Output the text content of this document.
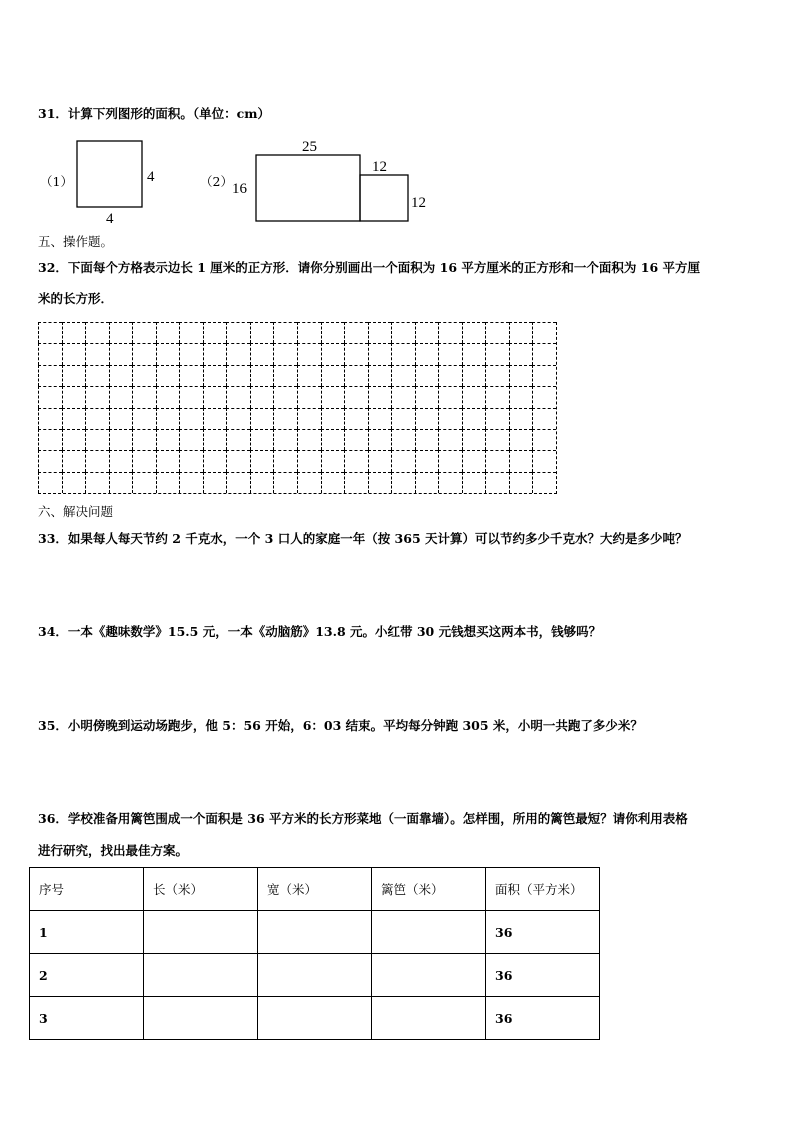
31．计算下列图形的面积。（单位：cm）
（1）	（2）
4
4
25
16
12
12
五、操作题。
32．下面每个方格表示边长 1 厘米的正方形．请你分别画出一个面积为 16 平方厘米的正方形和一个面积为 16 平方厘
米的长方形．
六、解决问题
33．如果每人每天节约 2 千克水，一个 3 口人的家庭一年（按 365 天计算）可以节约多少千克水？大约是多少吨？
34．一本《趣味数学》15.5 元，一本《动脑筋》13.8 元。小红带 30 元钱想买这两本书，钱够吗？
35．小明傍晚到运动场跑步，他 5：56 开始，6：03 结束。平均每分钟跑 305 米，小明一共跑了多少米？
36．学校准备用篱笆围成一个面积是 36 平方米的长方形菜地（一面靠墙）。怎样围，所用的篱笆最短？请你利用表格
进行研究，找出最佳方案。
序号	长（米）	宽（米）	篱笆（米）	面积（平方米）
1				36
2				36
3				36
